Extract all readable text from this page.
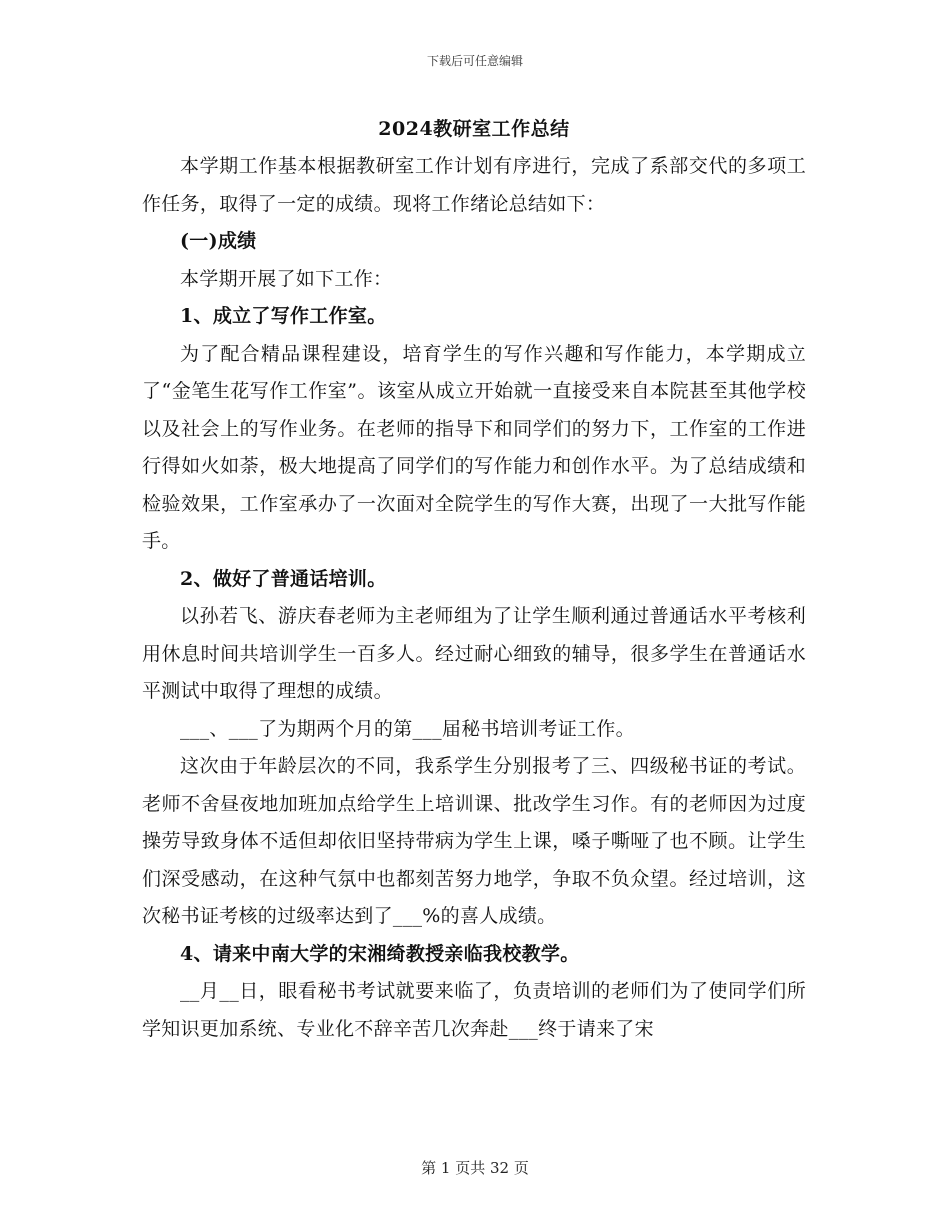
下载后可任意编辑
2024教研室工作总结

本学期工作基本根据教研室工作计划有序进行，完成了系部交代的多项工作任务，取得了一定的成绩。现将工作绪论总结如下：

(一)成绩

本学期开展了如下工作：

1、成立了写作工作室。

为了配合精品课程建设，培育学生的写作兴趣和写作能力，本学期成立了“金笔生花写作工作室”。该室从成立开始就一直接受来自本院甚至其他学校以及社会上的写作业务。在老师的指导下和同学们的努力下，工作室的工作进行得如火如荼，极大地提高了同学们的写作能力和创作水平。为了总结成绩和检验效果，工作室承办了一次面对全院学生的写作大赛，出现了一大批写作能手。

2、做好了普通话培训。

以孙若飞、游庆春老师为主老师组为了让学生顺利通过普通话水平考核利用休息时间共培训学生一百多人。经过耐心细致的辅导，很多学生在普通话水平测试中取得了理想的成绩。

___、___了为期两个月的第___届秘书培训考证工作。

这次由于年龄层次的不同，我系学生分别报考了三、四级秘书证的考试。老师不舍昼夜地加班加点给学生上培训课、批改学生习作。有的老师因为过度操劳导致身体不适但却依旧坚持带病为学生上课，嗓子嘶哑了也不顾。让学生们深受感动，在这种气氛中也都刻苦努力地学，争取不负众望。经过培训，这次秘书证考核的过级率达到了___%的喜人成绩。

4、请来中南大学的宋湘绮教授亲临我校教学。

__月__日，眼看秘书考试就要来临了，负责培训的老师们为了使同学们所学知识更加系统、专业化不辞辛苦几次奔赴___终于请来了宋

第 1 页共 32 页
